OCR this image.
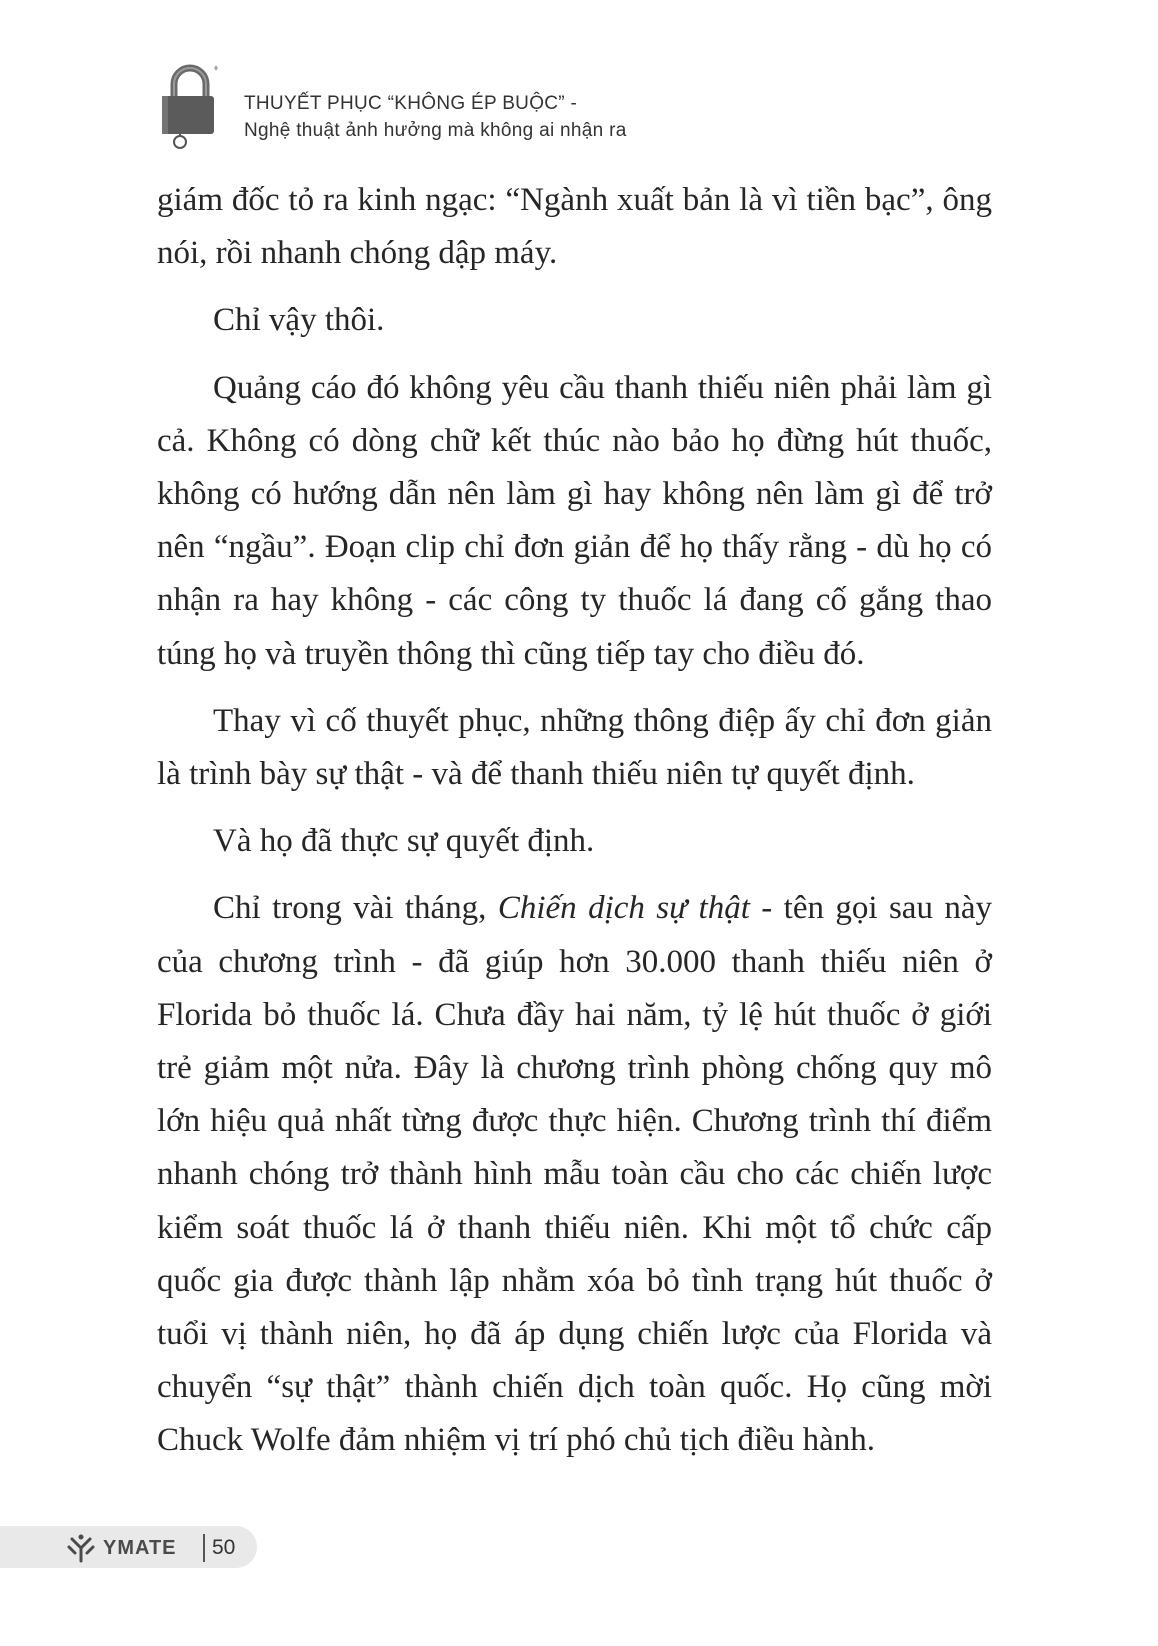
THUYẾT PHỤC “KHÔNG ÉP BUỘC” -
Nghệ thuật ảnh hưởng mà không ai nhận ra

giám đốc tỏ ra kinh ngạc: “Ngành xuất bản là vì tiền bạc”, ông nói, rồi nhanh chóng dập máy.

Chỉ vậy thôi.

Quảng cáo đó không yêu cầu thanh thiếu niên phải làm gì cả. Không có dòng chữ kết thúc nào bảo họ đừng hút thuốc, không có hướng dẫn nên làm gì hay không nên làm gì để trở nên “ngầu”. Đoạn clip chỉ đơn giản để họ thấy rằng - dù họ có nhận ra hay không - các công ty thuốc lá đang cố gắng thao túng họ và truyền thông thì cũng tiếp tay cho điều đó.

Thay vì cố thuyết phục, những thông điệp ấy chỉ đơn giản là trình bày sự thật - và để thanh thiếu niên tự quyết định.

Và họ đã thực sự quyết định.

Chỉ trong vài tháng, Chiến dịch sự thật - tên gọi sau này của chương trình - đã giúp hơn 30.000 thanh thiếu niên ở Florida bỏ thuốc lá. Chưa đầy hai năm, tỷ lệ hút thuốc ở giới trẻ giảm một nửa. Đây là chương trình phòng chống quy mô lớn hiệu quả nhất từng được thực hiện. Chương trình thí điểm nhanh chóng trở thành hình mẫu toàn cầu cho các chiến lược kiểm soát thuốc lá ở thanh thiếu niên. Khi một tổ chức cấp quốc gia được thành lập nhằm xóa bỏ tình trạng hút thuốc ở tuổi vị thành niên, họ đã áp dụng chiến lược của Florida và chuyển “sự thật” thành chiến dịch toàn quốc. Họ cũng mời Chuck Wolfe đảm nhiệm vị trí phó chủ tịch điều hành.

YMATE 50
